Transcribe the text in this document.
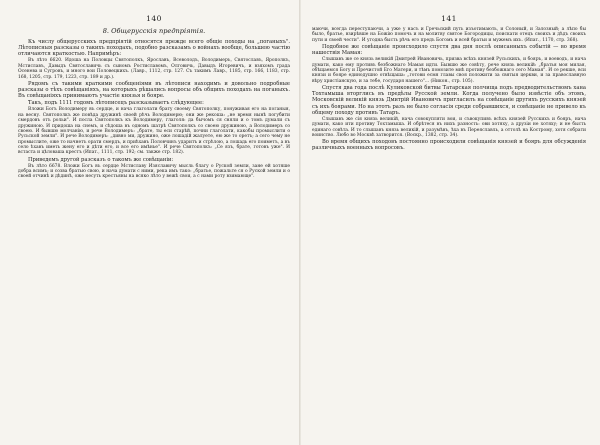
140
8. Общерусскія предпріятія.
Къ числу общерусскихъ предпріятій относятся прежде всего общіе походы на „поганыхъ". Лѣтописныя разсказы о такихъ походахъ, подобно разсказамъ о войнахъ вообще, большею частію отличаются краткостью. Напримѣръ:
Въ лѣто 6620. Идоша на Половцы Святополкъ, Ярославъ, Всеволодъ, Володимеръ, Святославъ, Ярополкъ, Мстиславъ, Давыдъ Святославичь съ сыномъ Ростиславомъ, Олговичь, Давыдъ Игоревичъ, и взяхомъ града Осенева и Сугровъ, и много вои Половецкихъ. (Лавр., 1112, стр. 127. Съ такимъ Лавр., 1185, стр. 166, 1183, стр. 168, 1205, стр. 179, 1223, стр. 189 и др.).
Рядомъ съ такими краткими сообщеніями въ лѣтописи находимъ и довольно подробные разсказы о тѣхъ совѣщаніяхъ, на которыхъ рѣшались вопросы объ общихъ походахъ на поганыхъ. Въ совѣщаніяхъ принимаютъ участіе князья и бояре.
Такъ, подъ 1111 годомъ лѣтописецъ разсказываетъ слѣдующее:
Вложи Богъ Володимеру въ сердце, и нача глаголати брату своему Святополку, понуживая его на поганыя, на весну. Святополкъ же повѣда дружинѣ своей рѣчь Володимерю; они же рекоша: „не время нынѣ погубити смердовъ отъ рольи". И посла Святополкъ къ Володимеру, глаголя: да бычомъ ся сняли и о томъ думали съ дружиною. И придоша на снемъ, и сѣдоша въ одномъ шатрѣ Святополкъ со своею дружиною, а Володимеръ со своею. И бывшю молчанію, и рече Володимеръ: „брате, ты еси старѣй, почни глаголати, какобы промыслити о Русьской земли". И рече Володимеръ: „дивно ми, дружино, оже лошадій жалуете, ею же то оретъ; а сего чему не промыслите, оже то начнетъ орати смердъ, и приѣхавъ Половчинъ ударитъ и стрѣлою, а лошадь его поиметъ, а въ село ѣхавъ иметь жену его и дѣти его, и все его имѣнье". И рече Святополкъ: „Се язъ, брате, готовъ уже". И встаста и цѣловаша крестъ (Ипат., 1111, стр. 192; см. также стр. 182).
Приведемъ другой разсказъ о такомъ же совѣщаніи:
Въ лѣто 6678. Вложи Богъ въ сердце Мстиславу Изяславичу мысль благу о Руской земли, зане ей хотяше добра всимъ; и созва братью свою, и нача думати с ними, река имъ тако: „братье, пожальте ся о Руской земли и о своей отчинѣ и дѣдинѣ, оже несуть крестьяны на всяко лѣто у вежѣ свои, а с нами роту взимающе".
141
маючи, всегда переступаючи, а уже у насъ и Гречьский путь изъотимають, и Солоный, и Залозный; а лѣпо бы было, братье, взирѣвше на Божію помочь и на молитву святое Богородицы, поискати отецъ своихъ и дѣдъ своихъ пути и своей чести". И угодна бысть рѣчь его предъ Богомъ и всей братьи и мужемъ ихъ. (Ипат., 1170, стр. 368).
Подобное же совѣщаніе происходило спустя два дня послѣ описанныхъ событій — во время нашествія Мамая:
Слышавъ же се князь великій Дмитрей Ивановичь, призва всѣхъ князей Русьскихъ, и бояръ, и воеводъ, и нача думати, како ему противъ безбожнаго Мамая идти. Бывшю же совѣту, рече князь великій: „братья моя милая, обѣщаемся Богу и Пречистой Его Матери, и тѣмъ помозите мнѣ противу безбожнаго сего Мамая". И се рекше, вси князи и бояре единодушно отвѣщаша: „готови есмя главы своя положити за святыя церкви, и за православную вѣру христіанскую, и за тебе, государя нашего"... (Никон., стр. 105).
Спустя два года послѣ Куликовской битвы Татарская полчища подъ предводительствомъ хана Тохтамыша вторглись въ предѣлы Русской земли. Когда получено было извѣстіе объ этомъ, Московскій великій князь Дмитрій Ивановичъ пригласилъ на совѣщаніе другихъ русскихъ князей съ ихъ боярами. Но на этотъ разъ не было согласія среди собравшихся, и совѣщаніе не привело къ общему походу противъ Татаръ.
Слышавъ же сія князь великій, нача совокупляти вои, и съвокупивъ всѣхъ князей Русскихъ и бояръ, нача думати, како ити противу Тохтамыша. И обрѣтеся въ нихъ разность: ови хотяху, а друзіи не хотяху; и не бысть единаго совѣта. И то слышавъ князь великій, и разумѣвъ, ѣха въ Переяславль, а оттолѣ на Кострому, хотя собрати воинство. Любо во Москвѣ затворится. (Воскр., 1382, стр. 34).
Во время общихъ походовъ постоянно происходили совѣщанія князей и бояръ для обсужденія различныхъ военныхъ вопросовъ.
